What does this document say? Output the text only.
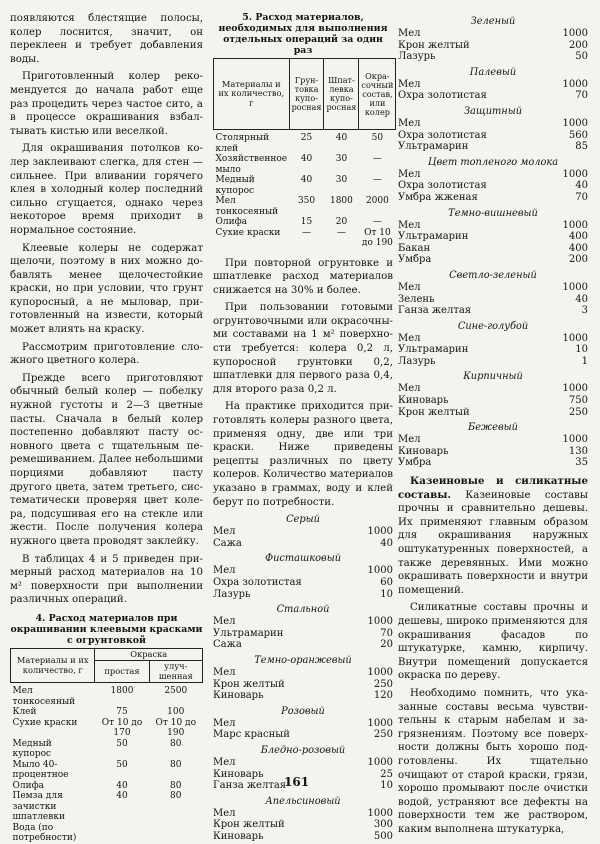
появляются блестящие полосы, колер лоснится, значит, он переклеен и требует добавления воды.

Приготовленный колер рекомендуется до начала работ еще раз процедить через частое сито, а в процессе окрашивания взбалтывать кистью или веселкой.

Для окрашивания потолков колер заклеивают слегка, для стен — сильнее. При вливании горячего клея в холодный колер последний сильно сгущается, однако через некоторое время приходит в нормальное состояние.

Клеевые колеры не содержат щелочи, поэтому в них можно добавлять менее щелочестойкие краски, но при условии, что грунт купоросный, а не мыловар, приготовленный на извести, который может влиять на краску.

Рассмотрим приготовление сложного цветного колера.

Прежде всего приготовляют обычный белый колер — побелку нужной густоты и 2—3 цветные пасты. Сначала в белый колер постепенно добавляют пасту основного цвета с тщательным перемешиванием. Далее небольшими порциями добавляют пасту другого цвета, затем третьего, систематически проверяя цвет колера, подсушивая его на стекле или жести. После получения колера нужного цвета проводят заклейку.

В таблицах 4 и 5 приведен примерный расход материалов на 10 м² поверхности при выполнении различных операций.

4. Расход материалов при окрашивании клеевыми красками с огрунтовкой
Материалы и их количество, г	Окраска	
	простая	улучшенная
Мел тонкосеяный	1800	2500
Клей	75	100
Сухие краски	От 10 до 170	От 10 до 190
Медный купорос	50	80
Мыло 40-процентное	50	80
Олифа	40	80
Пемза для зачистки шпатлевки	40	80
Вода (по потребности)		
5. Расход материалов, необходимых для выполнения отдельных операций за один раз
Материалы и их количество, г	Грунтовка купоросная	Шпатлевка купоросная	Окрасочный состав, или колер

Столярный клей	25	40	50
Хозяйственное мыло	40	30	—
Медный купорос	40	30	—
Мел тонкосеяный	350	1800	2000
Олифа	15	20	—
Сухие краски	—	—	От 10 до 190

При повторной огрунтовке и шпатлевке расход материалов снижается на 30% и более.

При пользовании готовыми огрунтовочными или окрасочными составами на 1 м² поверхности требуется: колера 0,2 л, купоросной грунтовки 0,2, шпатлевки для первого раза 0,4, для второго раза 0,2 л.

На практике приходится приготовлять колеры разного цвета, применяя одну, две или три краски. Ниже приведены рецепты различных по цвету колеров. Количество материалов указано в граммах, воду и клей берут по потребности.

Серый
Мел	1000
Сажа	40
Фисташковый
Мел	1000
Охра золотистая	60
Лазурь	10
Стальной
Мел	1000
Ультрамарин	70
Сажа	20
Темно-оранжевый
Мел	1000
Крон желтый	250
Киноварь	120
Розовый
Мел	1000
Марс красный	250
Бледно-розовый
Мел	1000
Киноварь	25
Ганза желтая	10
Апельсиновый
Мел	1000
Крон желтый	300
Киноварь	500
Зеленый
Мел	1000
Крон желтый	200
Лазурь	50
Палевый
Мел	1000
Охра золотистая	70
Защитный
Мел	1000
Охра золотистая	560
Ультрамарин	85
Цвет топленого молока
Мел	1000
Охра золотистая	40
Умбра жженая	70
Темно-вишневый
Мел	1000
Ультрамарин	400
Бакан	400
Умбра	200
Светло-зеленый
Мел	1000
Зелень	40
Ганза желтая	3
Сине-голубой
Мел	1000
Ультрамарин	10
Лазурь	1
Кирпичный
Мел	1000
Киноварь	750
Крон желтый	250
Бежевый
Мел	1000
Киноварь	130
Умбра	35

Казеиновые и силикатные составы. Казеиновые составы прочны и сравнительно дешевы. Их применяют главным образом для окрашивания наружных оштукатуренных поверхностей, а также деревянных. Ими можно окрашивать поверхности и внутри помещений.

Силикатные составы прочны и дешевы, широко применяются для окрашивания фасадов по штукатурке, камню, кирпичу. Внутри помещений допускается окраска по дереву.

Необходимо помнить, что указанные составы весьма чувствительны к старым набелам и загрязнениям. Поэтому все поверхности должны быть хорошо подготовлены. Их тщательно очищают от старой краски, грязи, хорошо промывают после очистки водой, устраняют все дефекты на поверхности тем же раствором, каким выполнена штукатурка,

161
